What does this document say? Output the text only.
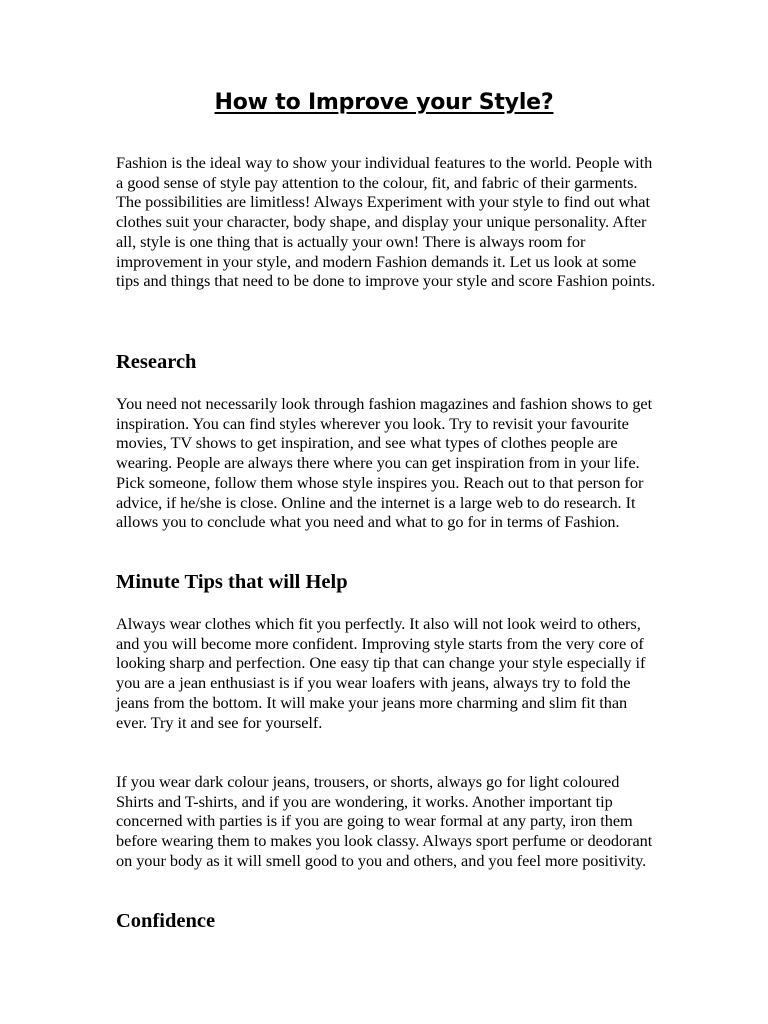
How to Improve your Style?

Fashion is the ideal way to show your individual features to the world. People with a good sense of style pay attention to the colour, fit, and fabric of their garments. The possibilities are limitless! Always Experiment with your style to find out what clothes suit your character, body shape, and display your unique personality. After all, style is one thing that is actually your own! There is always room for improvement in your style, and modern Fashion demands it. Let us look at some tips and things that need to be done to improve your style and score Fashion points.

Research

You need not necessarily look through fashion magazines and fashion shows to get inspiration. You can find styles wherever you look. Try to revisit your favourite movies, TV shows to get inspiration, and see what types of clothes people are wearing. People are always there where you can get inspiration from in your life. Pick someone, follow them whose style inspires you. Reach out to that person for advice, if he/she is close. Online and the internet is a large web to do research. It allows you to conclude what you need and what to go for in terms of Fashion.

Minute Tips that will Help

Always wear clothes which fit you perfectly. It also will not look weird to others, and you will become more confident. Improving style starts from the very core of looking sharp and perfection. One easy tip that can change your style especially if you are a jean enthusiast is if you wear loafers with jeans, always try to fold the jeans from the bottom. It will make your jeans more charming and slim fit than ever. Try it and see for yourself.

If you wear dark colour jeans, trousers, or shorts, always go for light coloured Shirts and T-shirts, and if you are wondering, it works. Another important tip concerned with parties is if you are going to wear formal at any party, iron them before wearing them to makes you look classy. Always sport perfume or deodorant on your body as it will smell good to you and others, and you feel more positivity.

Confidence
